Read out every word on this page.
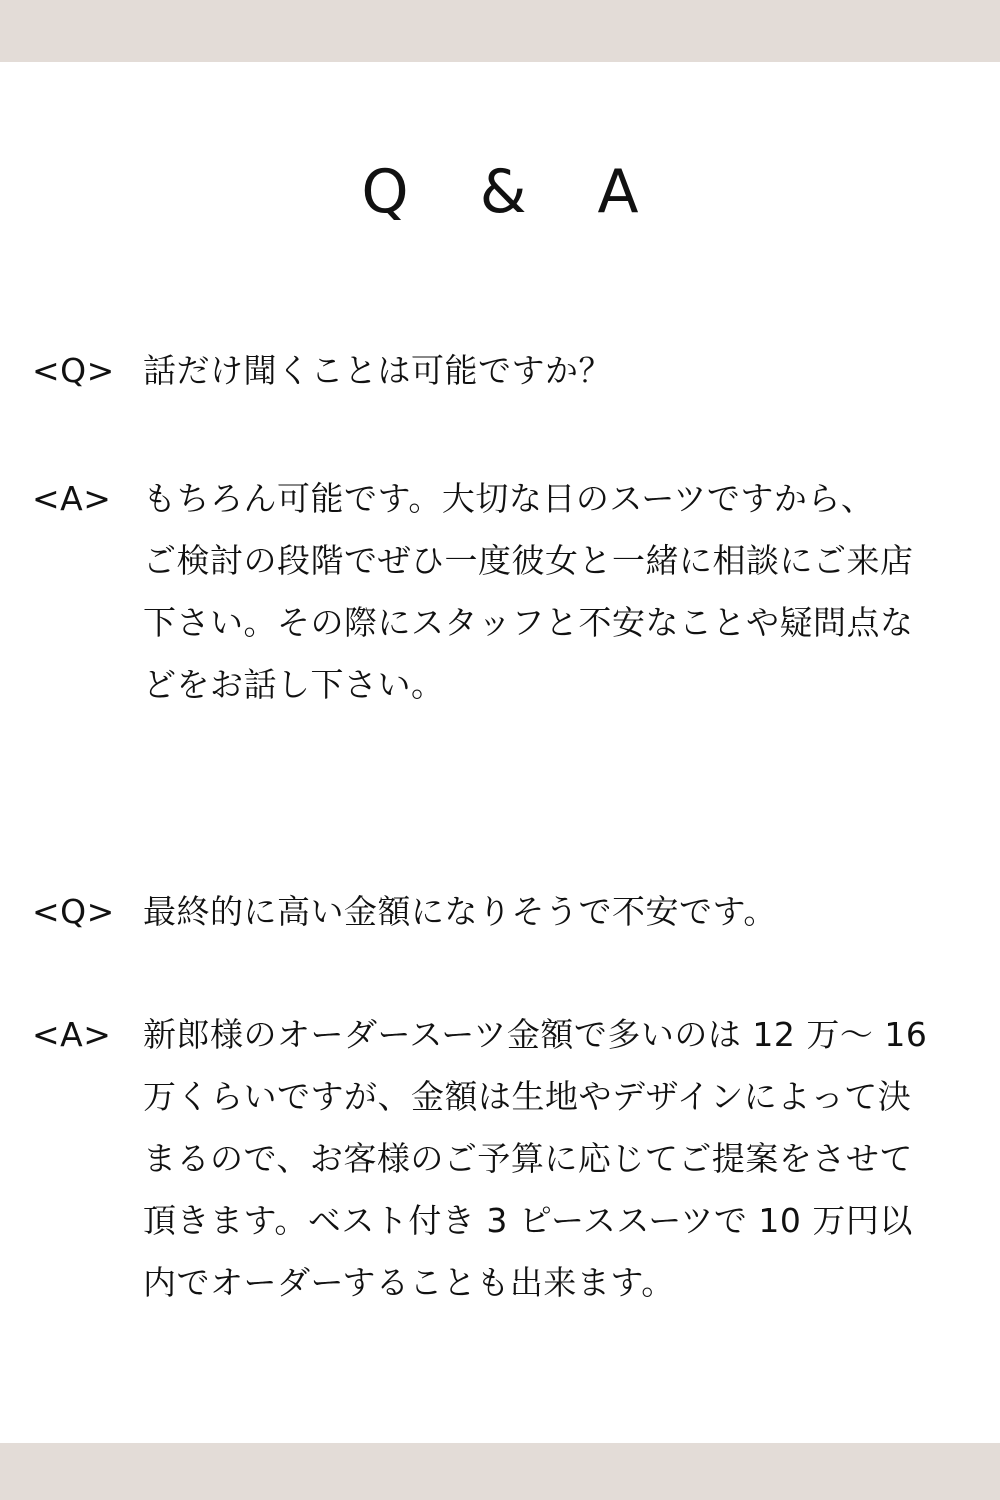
Q & A
<Q> 話だけ聞くことは可能ですか？
<A> もちろん可能です。大切な日のスーツですから、
ご検討の段階でぜひ一度彼女と一緒に相談にご来店
下さい。その際にスタッフと不安なことや疑問点な
どをお話し下さい。
<Q> 最終的に高い金額になりそうで不安です。
<A> 新郎様のオーダースーツ金額で多いのは 12 万〜 16
万くらいですが、金額は生地やデザインによって決
まるので、お客様のご予算に応じてご提案をさせて
頂きます。ベスト付き 3 ピーススーツで 10 万円以
内でオーダーすることも出来ます。
